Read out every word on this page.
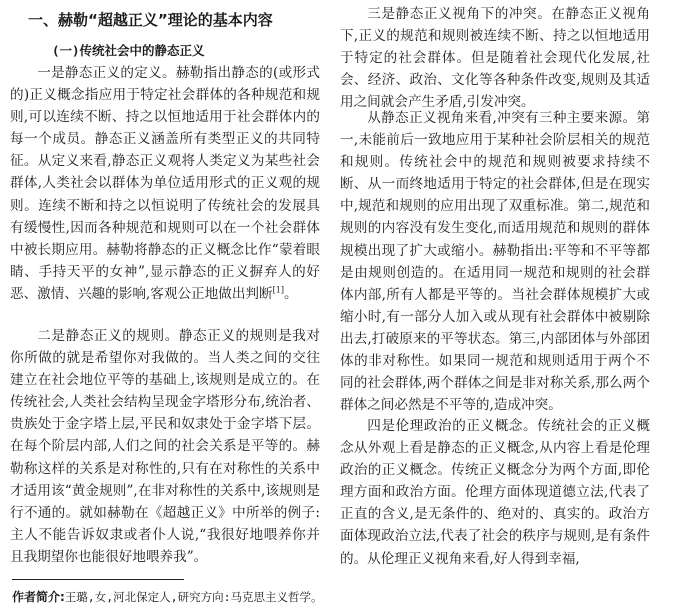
一、赫勒“超越正义”理论的基本内容
(一)传统社会中的静态正义

一是静态正义的定义。赫勒指出静态的(或形式的)正义概念指应用于特定社会群体的各种规范和规则,可以连续不断、持之以恒地适用于社会群体内的每一个成员。静态正义涵盖所有类型正义的共同特征。从定义来看,静态正义观将人类定义为某些社会群体,人类社会以群体为单位适用形式的正义观的规则。连续不断和持之以恒说明了传统社会的发展具有缓慢性,因而各种规范和规则可以在一个社会群体中被长期应用。赫勒将静态的正义概念比作“蒙着眼睛、手持天平的女神”,显示静态的正义摒弃人的好恶、激情、兴趣的影响,客观公正地做出判断[1]。

二是静态正义的规则。静态正义的规则是我对你所做的就是希望你对我做的。当人类之间的交往建立在社会地位平等的基础上,该规则是成立的。在传统社会,人类社会结构呈现金字塔形分布,统治者、贵族处于金字塔上层,平民和奴隶处于金字塔下层。在每个阶层内部,人们之间的社会关系是平等的。赫勒称这样的关系是对称性的,只有在对称性的关系中才适用该“黄金规则”,在非对称性的关系中,该规则是行不通的。就如赫勒在《超越正义》中所举的例子:主人不能告诉奴隶或者仆人说,“我很好地喂养你并且我期望你也能很好地喂养我”。

三是静态正义视角下的冲突。在静态正义视角下,正义的规范和规则被连续不断、持之以恒地适用于特定的社会群体。但是随着社会现代化发展,社会、经济、政治、文化等各种条件改变,规则及其适用之间就会产生矛盾,引发冲突。

从静态正义视角来看,冲突有三种主要来源。第一,未能前后一致地应用于某种社会阶层相关的规范和规则。传统社会中的规范和规则被要求持续不断、从一而终地适用于特定的社会群体,但是在现实中,规范和规则的应用出现了双重标准。第二,规范和规则的内容没有发生变化,而适用规范和规则的群体规模出现了扩大或缩小。赫勒指出:平等和不平等都是由规则创造的。在适用同一规范和规则的社会群体内部,所有人都是平等的。当社会群体规模扩大或缩小时,有一部分人加入或从现有社会群体中被剔除出去,打破原来的平等状态。第三,内部团体与外部团体的非对称性。如果同一规范和规则适用于两个不同的社会群体,两个群体之间是非对称关系,那么两个群体之间必然是不平等的,造成冲突。

四是伦理政治的正义概念。传统社会的正义概念从外观上看是静态的正义概念,从内容上看是伦理政治的正义概念。传统正义概念分为两个方面,即伦理方面和政治方面。伦理方面体现道德立法,代表了正直的含义,是无条件的、绝对的、真实的。政治方面体现政治立法,代表了社会的秩序与规则,是有条件的。从伦理正义视角来看,好人得到幸福,

作者简介:王璐,女,河北保定人,研究方向:马克思主义哲学。
